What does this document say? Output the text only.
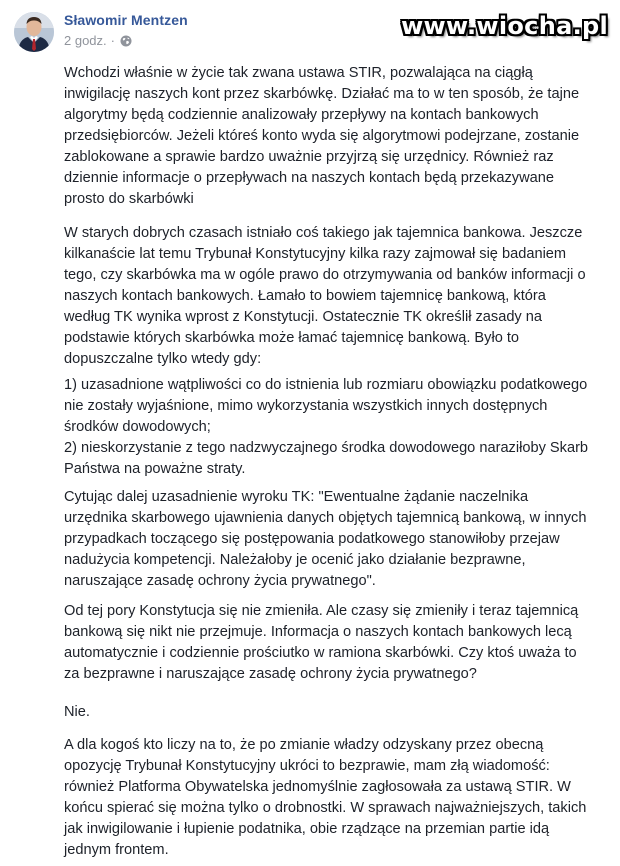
Sławomir Mentzen
2 godz. ·
www.wiocha.pl
Wchodzi właśnie w życie tak zwana ustawa STIR, pozwalająca na ciągłą
inwigilację naszych kont przez skarbówkę. Działać ma to w ten sposób, że tajne
algorytmy będą codziennie analizowały przepływy na kontach bankowych
przedsiębiorców. Jeżeli któreś konto wyda się algorytmowi podejrzane, zostanie
zablokowane a sprawie bardzo uważnie przyjrzą się urzędnicy. Również raz
dziennie informacje o przepływach na naszych kontach będą przekazywane
prosto do skarbówki
W starych dobrych czasach istniało coś takiego jak tajemnica bankowa. Jeszcze
kilkanaście lat temu Trybunał Konstytucyjny kilka razy zajmował się badaniem
tego, czy skarbówka ma w ogóle prawo do otrzymywania od banków informacji o
naszych kontach bankowych. Łamało to bowiem tajemnicę bankową, która
według TK wynika wprost z Konstytucji. Ostatecznie TK określił zasady na
podstawie których skarbówka może łamać tajemnicę bankową. Było to
dopuszczalne tylko wtedy gdy:
1) uzasadnione wątpliwości co do istnienia lub rozmiaru obowiązku podatkowego
nie zostały wyjaśnione, mimo wykorzystania wszystkich innych dostępnych
środków dowodowych;
2) nieskorzystanie z tego nadzwyczajnego środka dowodowego naraziłoby Skarb
Państwa na poważne straty.
Cytując dalej uzasadnienie wyroku TK: "Ewentualne żądanie naczelnika
urzędnika skarbowego ujawnienia danych objętych tajemnicą bankową, w innych
przypadkach toczącego się postępowania podatkowego stanowiłoby przejaw
nadużycia kompetencji. Należałoby je ocenić jako działanie bezprawne,
naruszające zasadę ochrony życia prywatnego".
Od tej pory Konstytucja się nie zmieniła. Ale czasy się zmieniły i teraz tajemnicą
bankową się nikt nie przejmuje. Informacja o naszych kontach bankowych lecą
automatycznie i codziennie prościutko w ramiona skarbówki. Czy ktoś uważa to
za bezprawne i naruszające zasadę ochrony życia prywatnego?
Nie.
A dla kogoś kto liczy na to, że po zmianie władzy odzyskany przez obecną
opozycję Trybunał Konstytucyjny ukróci to bezprawie, mam złą wiadomość:
również Platforma Obywatelska jednomyślnie zagłosowała za ustawą STIR. W
końcu spierać się można tylko o drobnostki. W sprawach najważniejszych, takich
jak inwigilowanie i łupienie podatnika, obie rządzące na przemian partie idą
jednym frontem.
